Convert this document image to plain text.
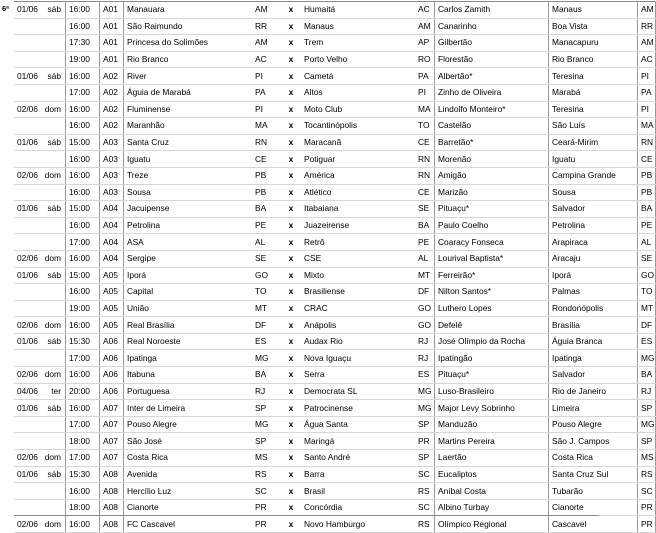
6ª 01/06 sáb	16:00	A01	Manauara	AM	x	Humaitá	AC	Carlos Zamith	Manaus	AM

	16:00	A01	São Raimundo	RR	x	Manaus	AM	Canarinho	Boa Vista	RR

	17:30	A01	Princesa do Solimões	AM	x	Trem	AP	Gilbertão	Manacapuru	AM

	19:00	A01	Rio Branco	AC	x	Porto Velho	RO	Florestão	Rio Branco	AC

01/06 sáb	16:00	A02	River	PI	x	Cametá	PA	Albertão*	Teresina	PI

	17:00	A02	Águia de Marabá	PA	x	Altos	PI	Zinho de Oliveira	Marabá	PA

02/06 dom	16:00	A02	Fluminense	PI	x	Moto Club	MA	Lindolfo Monteiro*	Teresina	PI

	16:00	A02	Maranhão	MA	x	Tocantinópolis	TO	Castelão	São Luís	MA

01/06 sáb	15:00	A03	Santa Cruz	RN	x	Maracanã	CE	Barretão*	Ceará-Mirim	RN

	16:00	A03	Iguatu	CE	x	Potiguar	RN	Morenão	Iguatu	CE

02/06 dom	16:00	A03	Treze	PB	x	América	RN	Amigão	Campina Grande	PB

	16:00	A03	Sousa	PB	x	Atlético	CE	Marizão	Sousa	PB

01/06 sáb	15:00	A04	Jacuipense	BA	x	Itabaiana	SE	Pituaçu*	Salvador	BA

	16:00	A04	Petrolina	PE	x	Juazeirense	BA	Paulo Coelho	Petrolina	PE

	17:00	A04	ASA	AL	x	Retrô	PE	Coaracy Fonseca	Arapiraca	AL

02/06 dom	16:00	A04	Sergipe	SE	x	CSE	AL	Lourival Baptista*	Aracaju	SE

01/06 sáb	15:00	A05	Iporá	GO	x	Mixto	MT	Ferreirão*	Iporá	GO

	16:00	A05	Capital	TO	x	Brasiliense	DF	Nilton Santos*	Palmas	TO

	19:00	A05	União	MT	x	CRAC	GO	Luthero Lopes	Rondonópolis	MT

02/06 dom	16:00	A05	Real Brasília	DF	x	Anápolis	GO	Defelê	Brasília	DF

01/06 sáb	15:30	A06	Real Noroeste	ES	x	Audax Rio	RJ	José Olímpio da Rocha	Águia Branca	ES

	17:00	A06	Ipatinga	MG	x	Nova Iguaçu	RJ	Ipatingão	Ipatinga	MG

02/06 dom	16:00	A06	Itabuna	BA	x	Serra	ES	Pituaçu*	Salvador	BA

04/06 ter	20:00	A06	Portuguesa	RJ	x	Democrata SL	MG	Luso-Brasileiro	Rio de Janeiro	RJ

01/06 sáb	16:00	A07	Inter de Limeira	SP	x	Patrocinense	MG	Major Levy Sobrinho	Limeira	SP

	17:00	A07	Pouso Alegre	MG	x	Água Santa	SP	Manduzão	Pouso Alegre	MG

	18:00	A07	São José	SP	x	Maringá	PR	Martins Pereira	São J. Campos	SP

02/06 dom	17:00	A07	Costa Rica	MS	x	Santo André	SP	Laertão	Costa Rica	MS

01/06 sáb	15:30	A08	Avenida	RS	x	Barra	SC	Eucaliptos	Santa Cruz Sul	RS

	16:00	A08	Hercílio Luz	SC	x	Brasil	RS	Aníbal Costa	Tubarão	SC

	18:00	A08	Cianorte	PR	x	Concórdia	SC	Albino Turbay	Cianorte	PR

02/06 dom	16:00	A08	FC Cascavel	PR	x	Novo Hamburgo	RS	Olímpico Regional	Cascavel	PR
